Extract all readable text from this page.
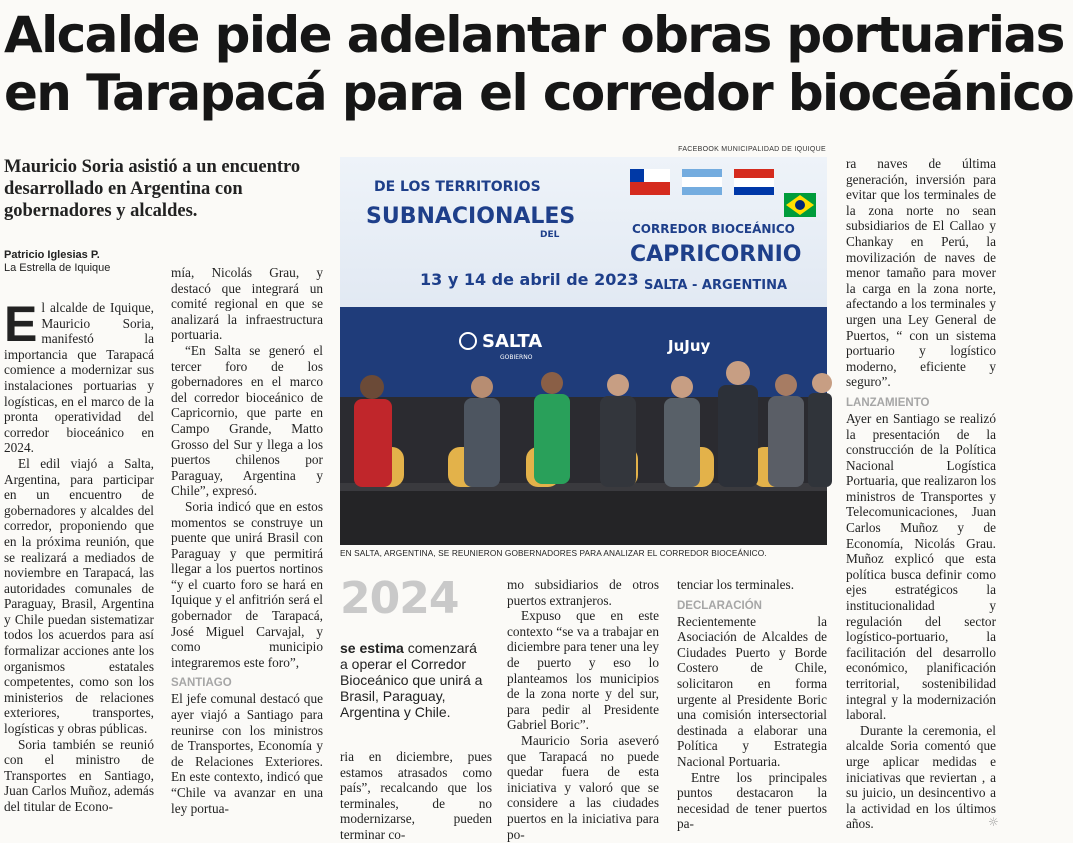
Alcalde pide adelantar obras portuarias
en Tarapacá para el corredor bioceánico
Mauricio Soria asistió a un encuentro desarrollado en Argentina con gobernadores y alcaldes.
Patricio Iglesias P.
La Estrella de Iquique

El alcalde de Iquique, Mauricio Soria, manifestó la importancia que Tarapacá comience a modernizar sus instalaciones portuarias y logísticas, en el marco de la pronta operatividad del corredor bioceánico en 2024.

El edil viajó a Salta, Argentina, para participar en un encuentro de gobernadores y alcaldes del corredor, proponiendo que en la próxima reunión, que se realizará a mediados de noviembre en Tarapacá, las autoridades comunales de Paraguay, Brasil, Argentina y Chile puedan sistematizar todos los acuerdos para así formalizar acciones ante los organismos estatales competentes, como son los ministerios de relaciones exteriores, transportes, logísticas y obras públicas.

Soria también se reunió con el ministro de Transportes en Santiago, Juan Carlos Muñoz, además del titular de Econo-

mía, Nicolás Grau, y destacó que integrará un comité regional en que se analizará la infraestructura portuaria.

“En Salta se generó el tercer foro de los gobernadores en el marco del corredor bioceánico de Capricornio, que parte en Campo Grande, Matto Grosso del Sur y llega a los puertos chilenos por Paraguay, Argentina y Chile”, expresó.

Soria indicó que en estos momentos se construye un puente que unirá Brasil con Paraguay y que permitirá llegar a los puertos nortinos “y el cuarto foro se hará en Iquique y el anfitrión será el gobernador de Tarapacá, José Miguel Carvajal, y como municipio integraremos este foro”,

SANTIAGO

El jefe comunal destacó que ayer viajó a Santiago para reunirse con los ministros de Transportes, Economía y de Relaciones Exteriores. En este contexto, indicó que “Chile va avanzar en una ley portua-

FACEBOOK MUNICIPALIDAD DE IQUIQUE
DE LOS TERRITORIOS
SUBNACIONALES
DEL
13 y 14 de abril de 2023
CORREDOR BIOCEÁNICO
CAPRICORNIO
SALTA - ARGENTINA
SALTA
GOBIERNO
JuJuy
EN SALTA, ARGENTINA, SE REUNIERON GOBERNADORES PARA ANALIZAR EL CORREDOR BIOCEÁNICO.
2024
se estima comenzará a operar el Corredor Bioceánico que unirá a Brasil, Paraguay, Argentina y Chile.

ria en diciembre, pues estamos atrasados como país”, recalcando que los terminales, de no modernizarse, pueden terminar co-

mo subsidiarios de otros puertos extranjeros.

Expuso que en este contexto “se va a trabajar en diciembre para tener una ley de puerto y eso lo planteamos los municipios de la zona norte y del sur, para pedir al Presidente Gabriel Boric”.

Mauricio Soria aseveró que Tarapacá no puede quedar fuera de esta iniciativa y valoró que se considere a las ciudades puertos en la iniciativa para po-

tenciar los terminales.

DECLARACIÓN

Recientemente la Asociación de Alcaldes de Ciudades Puerto y Borde Costero de Chile, solicitaron en forma urgente al Presidente Boric una comisión intersectorial destinada a elaborar una Política y Estrategia Nacional Portuaria.

Entre los principales puntos destacaron la necesidad de tener puertos pa-

ra naves de última generación, inversión para evitar que los terminales de la zona norte no sean subsidiarios de El Callao y Chankay en Perú, la movilización de naves de menor tamaño para mover la carga en la zona norte, afectando a los terminales y urgen una Ley General de Puertos, “ con un sistema portuario y logístico moderno, eficiente y seguro”.

LANZAMIENTO

Ayer en Santiago se realizó la presentación de la construcción de la Política Nacional Logística Portuaria, que realizaron los ministros de Transportes y Telecomunicaciones, Juan Carlos Muñoz y de Economía, Nicolás Grau. Muñoz explicó que esta política busca definir como ejes estratégicos la institucionalidad y regulación del sector logístico-portuario, la facilitación del desarrollo económico, planificación territorial, sostenibilidad integral y la modernización laboral.

Durante la ceremonia, el alcalde Soria comentó que urge aplicar medidas e iniciativas que reviertan , a su juicio, un desincentivo a la actividad en los últimos años.	☼
